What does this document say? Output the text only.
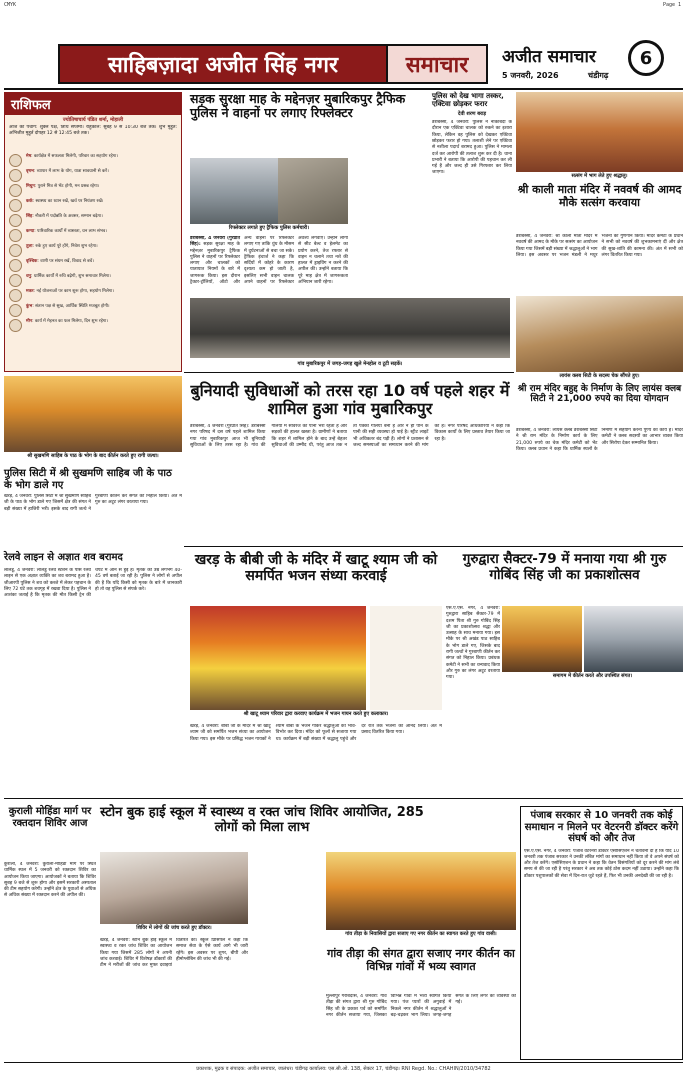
CMYK	Page 1
साहिबज़ादा अजीत सिंह नगर	समाचार अजीत समाचार
5 जनवरी, 2026	चंडीगढ़
6
राशिफल
ज्योतिषाचार्य पंडित शर्मा, मोहाली
आज का पंचांग: शुक्ल पक्ष, तिथि सप्तमी। राहुकाल: सुबह 9 से 10:30 बजे तक। शुभ मुहूर्त: अभिजीत मुहूर्त दोपहर 12 से 12:45 बजे तक।
मेष: कार्यक्षेत्र में सफलता मिलेगी, परिवार का सहयोग रहेगा।
वृषभ: व्यापार में लाभ के योग, यात्रा सावधानी से करें।
मिथुन: पुराने मित्र से भेंट होगी, मन प्रसन्न रहेगा।
कर्क: स्वास्थ्य का ध्यान रखें, खर्च पर नियंत्रण रखें।
सिंह: नौकरी में पदोन्नति के अवसर, सम्मान बढ़ेगा।
कन्या: पारिवारिक कार्यों में व्यस्तता, धन लाभ संभव।
तुला: रुके हुए कार्य पूरे होंगे, निवेश शुभ रहेगा।
वृश्चिक: वाणी पर संयम रखें, विवाद से बचें।
धनु: धार्मिक कार्यों में रुचि बढ़ेगी, शुभ समाचार मिलेगा।
मकर: नई योजनाओं पर काम शुरू होगा, सहयोग मिलेगा।
कुंभ: संतान पक्ष से सुख, आर्थिक स्थिति मजबूत होगी।
मीन: कार्य में मेहनत का फल मिलेगा, दिन शुभ रहेगा।
सड़क सुरक्षा माह के मद्देनज़र मुबारिकपुर ट्रैफिक पुलिस ने वाहनों पर लगाए रिफ्लेक्टर
रिफ्लेक्टर लगाते हुए ट्रैफिक पुलिस कर्मचारी।
डेराबस्सी, 4 जनवरी (गुरप्रीत सिंह): सड़क सुरक्षा माह के मद्देनज़र मुबारिकपुर ट्रैफिक पुलिस ने वाहनों पर रिफ्लेक्टर लगाए और चालकों को यातायात नियमों के बारे में जागरूक किया। इस दौरान ट्रैक्टर-ट्रॉलियों, ऑटो और अन्य वाहनों पर रिफ्लेक्टर लगाए गए ताकि धुंध के मौसम में दुर्घटनाओं से बचा जा सके। ट्रैफिक इंचार्ज ने कहा कि सर्दियों में कोहरे के कारण दृश्यता कम हो जाती है, इसलिए सभी वाहन चालक अपने वाहनों पर रिफ्लेक्टर अवश्य लगवाएं। उन्होंने लोगों से सीट बेल्ट व हेलमेट का प्रयोग करने, तेज रफ्तार से वाहन न चलाने तथा नशे की हालत में ड्राइविंग न करने की अपील की। उन्होंने बताया कि पूरे माह क्षेत्र में जागरूकता अभियान जारी रहेगा।
पुलिस को देख भागा तस्कर, एक्टिवा छोड़कर फरार
देवी शरण बराड़
डेराबस्सी, 4 जनवरी: पुलिस ने नाकाबंदी के दौरान एक एक्टिवा चालक को रुकने का इशारा किया, लेकिन वह पुलिस को देखकर एक्टिवा छोड़कर फरार हो गया। तलाशी लेने पर एक्टिवा से नशीला पदार्थ बरामद हुआ। पुलिस ने मामला दर्ज कर आरोपी की तलाश शुरू कर दी है। थाना प्रभारी ने बताया कि आरोपी की पहचान कर ली गई है और जल्द ही उसे गिरफ्तार कर लिया जाएगा।
सत्संग में भाग लेते हुए श्रद्धालु।
श्री काली माता मंदिर में नववर्ष की आमद मौके सत्संग करवाया
डेराबस्सी, 4 जनवरी: श्री काली माता मंदिर में नववर्ष की आमद के मौके पर सत्संग का आयोजन किया गया जिसमें बड़ी संख्या में श्रद्धालुओं ने भाग लिया। इस अवसर पर भजन मंडली ने मधुर भजनों का गुणगान किया। मंदिर कमेटी के प्रधान ने सभी को नववर्ष की शुभकामनाएं दीं और क्षेत्र की सुख-शांति की कामना की। अंत में सभी को लंगर वितरित किया गया।
लायंस क्लब सिटी के सदस्य चेक सौंपते हुए।
गांव मुबारिकपुर में जगह-जगह खुले मेनहोल व टूटी सड़कें।
बुनियादी सुविधाओं को तरस रहा 10 वर्ष पहले शहर में शामिल हुआ गांव मुबारिकपुर
डेराबस्सी, 4 जनवरी (गुरप्रीत सिंह): डेराबस्सी नगर परिषद में दस वर्ष पहले शामिल किया गया गांव मुबारिकपुर आज भी बुनियादी सुविधाओं के लिए तरस रहा है। गांव की गलियों में सीवरेज का पानी भरा रहता है और सड़कों की हालत खस्ता है। ग्रामीणों ने बताया कि शहर में शामिल होने के बाद उन्हें बेहतर सुविधाओं की उम्मीद थी, परंतु आज तक न तो पक्की गलियां बनी हैं और न ही पीने के पानी की सही व्यवस्था हो पाई है। स्ट्रीट लाइटें भी अधिकतर बंद पड़ी हैं। लोगों ने प्रशासन से जल्द समस्याओं का समाधान करने की मांग की है। नगर परिषद अधिकारियों ने कहा कि विकास कार्यों के लिए प्रस्ताव तैयार किया जा रहा है।
श्री सुखमणि साहिब के पाठ के भोग के बाद कीर्तन करते हुए रागी जत्था।
पुलिस सिटी में श्री सुखमणि साहिब जी के पाठ के भोग डाले गए
खरड़, 4 जनवरी: पुलिस सिटी में श्री सुखमणि साहिब जी के पाठ के भोग डाले गए जिसमें क्षेत्र की संगत ने बड़ी संख्या में हाजिरी भरी। इसके बाद रागी जत्थे ने गुरबाणी कीर्तन कर संगत को निहाल किया। अंत में गुरु का अटूट लंगर वरताया गया।
श्री राम मंदिर बहुद्द के निर्माण के लिए लायंस क्लब सिटी ने 21,000 रुपये का दिया योगदान
डेराबस्सी, 4 जनवरी: लायंस क्लब डेराबस्सी सिटी ने श्री राम मंदिर के निर्माण कार्य के लिए 21,000 रुपये का चेक मंदिर कमेटी को भेंट किया। क्लब प्रधान ने कहा कि धार्मिक स्थलों के निर्माण में सहयोग करना पुण्य का कार्य है। मंदिर कमेटी ने क्लब सदस्यों का आभार व्यक्त किया और सिरोपा देकर सम्मानित किया।
रेलवे लाइन से अज्ञात शव बरामद
लालडू, 4 जनवरी: लालडू रेलवे स्टेशन के पास रेलवे लाइन से एक अज्ञात व्यक्ति का शव बरामद हुआ है। जीआरपी पुलिस ने शव को कब्जे में लेकर पहचान के लिए 72 घंटे तक शवगृह में रखवा दिया है। पुलिस ने आशंका जताई है कि मृतक की मौत किसी ट्रेन की चपेट में आने से हुई है। मृतक की उम्र लगभग 40-45 वर्ष बताई जा रही है। पुलिस ने लोगों से अपील की है कि यदि किसी को मृतक के बारे में जानकारी हो तो वह पुलिस से संपर्क करे।
खरड़ के बीबी जी के मंदिर में खाटू श्याम जी को समर्पित भजन संध्या करवाई
श्री खाटू श्याम परिवार द्वारा करवाए कार्यक्रम में भजन गायन करते हुए कलाकार।
खरड़, 4 जनवरी: बीबी जी के मंदिर में श्री खाटू श्याम जी को समर्पित भजन संध्या का आयोजन किया गया। इस मौके पर प्रसिद्ध भजन गायकों ने श्याम बाबा के भजन गाकर श्रद्धालुओं को भाव-विभोर कर दिया। मंदिर को फूलों से सजाया गया था। कार्यक्रम में बड़ी संख्या में श्रद्धालु पहुंचे और देर रात तक भजनों का आनंद लिया। अंत में प्रसाद वितरित किया गया।
गुरुद्वारा सैक्टर-79 में मनाया गया श्री गुरु गोबिंद सिंह जी का प्रकाशोत्सव
एस.ए.एस. नगर, 4 जनवरी: गुरुद्वारा साहिब सैक्टर-79 में दशम पिता श्री गुरु गोबिंद सिंह जी का प्रकाशोत्सव श्रद्धा और उत्साह के साथ मनाया गया। इस मौके पर श्री अखंड पाठ साहिब के भोग डाले गए, जिसके बाद रागी जत्थों ने गुरबाणी कीर्तन कर संगत को निहाल किया। प्रबंधक कमेटी ने सभी का धन्यवाद किया और गुरु का लंगर अटूट वरताया गया।	समागम में कीर्तन करते और उपस्थित संगत।
कुराली मोहिंडा मार्ग पर रक्तदान शिविर आज
कुराली, 4 जनवरी: कुराली-मोहिंडा मार्ग पर स्थित धार्मिक स्थल में 5 जनवरी को रक्तदान शिविर का आयोजन किया जाएगा। आयोजकों ने बताया कि शिविर सुबह 9 बजे से शुरू होगा और इसमें सरकारी अस्पताल की टीम सहयोग करेगी। उन्होंने क्षेत्र के युवाओं से अधिक से अधिक संख्या में रक्तदान करने की अपील की।
स्टोन बुक हाई स्कूल में स्वास्थ्य व रक्त जांच शिविर आयोजित, 285 लोगों को मिला लाभ
शिविर में लोगों की जांच करते हुए डॉक्टर।
खरड़, 4 जनवरी: स्टोन बुक हाई स्कूल में स्वास्थ्य व रक्त जांच शिविर का आयोजन किया गया जिसमें 285 लोगों ने अपनी जांच करवाई। शिविर में विशेषज्ञ डॉक्टरों की टीम ने मरीजों की जांच कर मुफ्त दवाइयां वितरित कीं। स्कूल प्रिंसिपल ने कहा कि समाज सेवा के ऐसे कार्य आगे भी जारी रहेंगे। इस अवसर पर शुगर, बीपी और हीमोग्लोबिन की जांच भी की गई।
गांव तीड़ा के निवासियों द्वारा सजाए गए नगर कीर्तन का स्वागत करते हुए गांव वासी।
गांव तीड़ा की संगत द्वारा सजाए नगर कीर्तन का विभिन्न गांवों में भव्य स्वागत
मुल्लांपुर गरीबदास, 4 जनवरी: गांव तीड़ा की संगत द्वारा श्री गुरु गोबिंद सिंह जी के प्रकाश पर्व को समर्पित नगर कीर्तन सजाया गया, जिसका विभिन्न गांवों में भव्य स्वागत किया गया। पंज प्यारों की अगुवाई में निकले नगर कीर्तन में श्रद्धालुओं ने बढ़-चढ़कर भाग लिया। जगह-जगह संगत के लिए लंगर की व्यवस्था की गई।
पंजाब सरकार से 10 जनवरी तक कोई समाधान न मिलने पर वेटरनरी डॉक्टर करेंगे संघर्ष को और तेज
एस.ए.एस. नगर, 4 जनवरी: पंजाब वेटरनरी डॉक्टर एसोसिएशन ने चेतावनी दी है कि यदि 10 जनवरी तक पंजाब सरकार ने उनकी लंबित मांगों का समाधान नहीं किया तो वे अपने संघर्ष को और तेज करेंगे। एसोसिएशन के प्रधान ने कहा कि वेतन विसंगतियों को दूर करने की मांग लंबे समय से की जा रही है परंतु सरकार ने अब तक कोई ठोस कदम नहीं उठाया। उन्होंने कहा कि डॉक्टर पशुपालकों की सेवा में दिन-रात जुटे रहते हैं, फिर भी उनकी अनदेखी की जा रही है।
प्रकाशक, मुद्रक व संपादक: अजीत समाचार, जालंधर। चंडीगढ़ कार्यालय: एस.सी.ओ. 138, सेक्टर 17, चंडीगढ़। RNI Regd. No.: CHAHIN/2010/34782
